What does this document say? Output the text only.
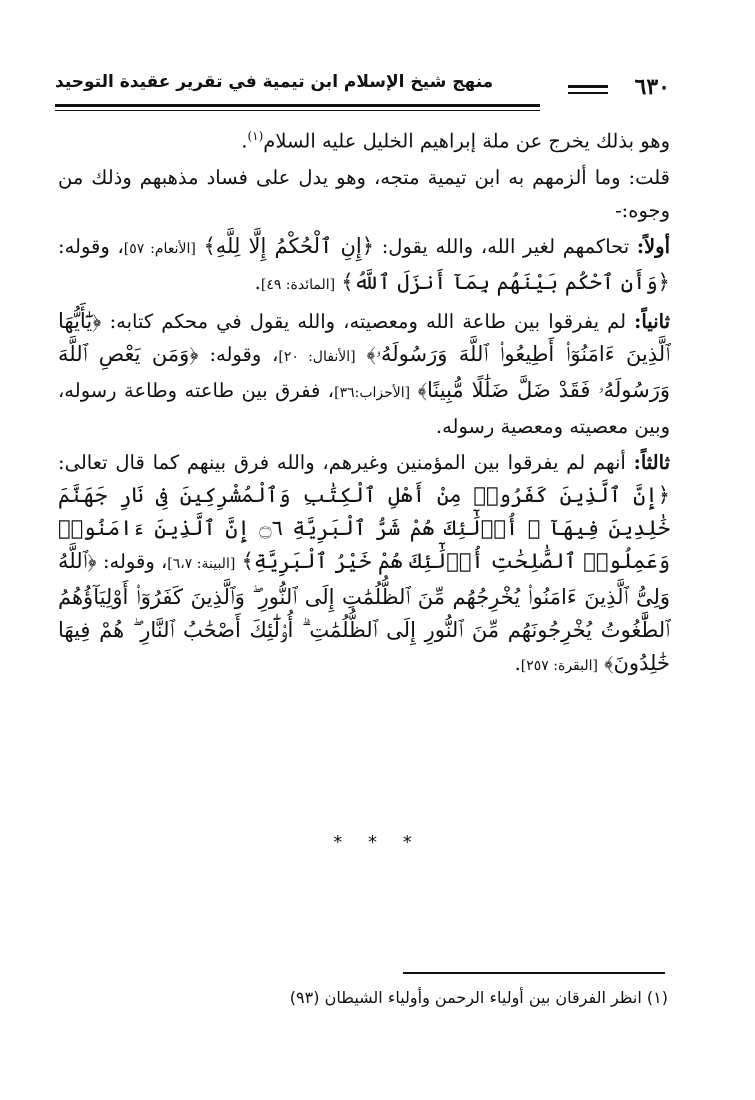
٦٣٠
منهج شيخ الإسلام ابن تيمية في تقرير عقيدة التوحيد

وهو بذلك يخرج عن ملة إبراهيم الخليل عليه السلام$^{(١)}$.

قلت: وما ألزمهم به ابن تيمية متجه، وهو يدل على فساد مذهبهم وذلك من وجوه:-

أولاً: تحاكمهم لغير الله، والله يقول: ﴿إِنِ ٱلْحُكْمُ إِلَّا لِلَّهِ﴾ [الأنعام: ٥٧]، وقوله: ﴿وَأَنِ ٱحْكُم بَيْنَهُم بِمَآ أَنزَلَ ٱللَّهُ﴾ [المائدة: ٤٩].

ثانياً: لم يفرقوا بين طاعة الله ومعصيته، والله يقول في محكم كتابه: ﴿يَٰٓأَيُّهَا ٱلَّذِينَ ءَامَنُوٓا۟ أَطِيعُوا۟ ٱللَّهَ وَرَسُولَهُۥ﴾ [الأنفال: ٢٠]، وقوله: ﴿وَمَن يَعْصِ ٱللَّهَ وَرَسُولَهُۥ فَقَدْ ضَلَّ ضَلَٰلًا مُّبِينًا﴾ [الأحزاب:٣٦]، ففرق بين طاعته وطاعة رسوله، وبين معصيته ومعصية رسوله.

ثالثاً: أنهم لم يفرقوا بين المؤمنين وغيرهم، والله فرق بينهم كما قال تعالى: ﴿إِنَّ ٱلَّذِينَ كَفَرُوا۟ مِنْ أَهْلِ ٱلْكِتَٰبِ وَٱلْمُشْرِكِينَ فِى نَارِ جَهَنَّمَ خَٰلِدِينَ فِيهَآ ۚ أُو۟لَٰٓئِكَ هُمْ شَرُّ ٱلْبَرِيَّةِ ۝٦ إِنَّ ٱلَّذِينَ ءَامَنُوا۟ وَعَمِلُوا۟ ٱلصَّٰلِحَٰتِ أُو۟لَٰٓئِكَ هُمْ خَيْرُ ٱلْبَرِيَّةِ﴾ [البينة: ٦،٧]، وقوله: ﴿ٱللَّهُ وَلِىُّ ٱلَّذِينَ ءَامَنُوا۟ يُخْرِجُهُم مِّنَ ٱلظُّلُمَٰتِ إِلَى ٱلنُّورِ ۖ وَٱلَّذِينَ كَفَرُوٓا۟ أَوْلِيَآؤُهُمُ ٱلطَّٰغُوتُ يُخْرِجُونَهُم مِّنَ ٱلنُّورِ إِلَى ٱلظُّلُمَٰتِ ۗ أُو۟لَٰٓئِكَ أَصْحَٰبُ ٱلنَّارِ ۖ هُمْ فِيهَا خَٰلِدُونَ﴾ [البقرة: ٢٥٧].

* * *
(١) انظر الفرقان بين أولياء الرحمن وأولياء الشيطان (٩٣)
